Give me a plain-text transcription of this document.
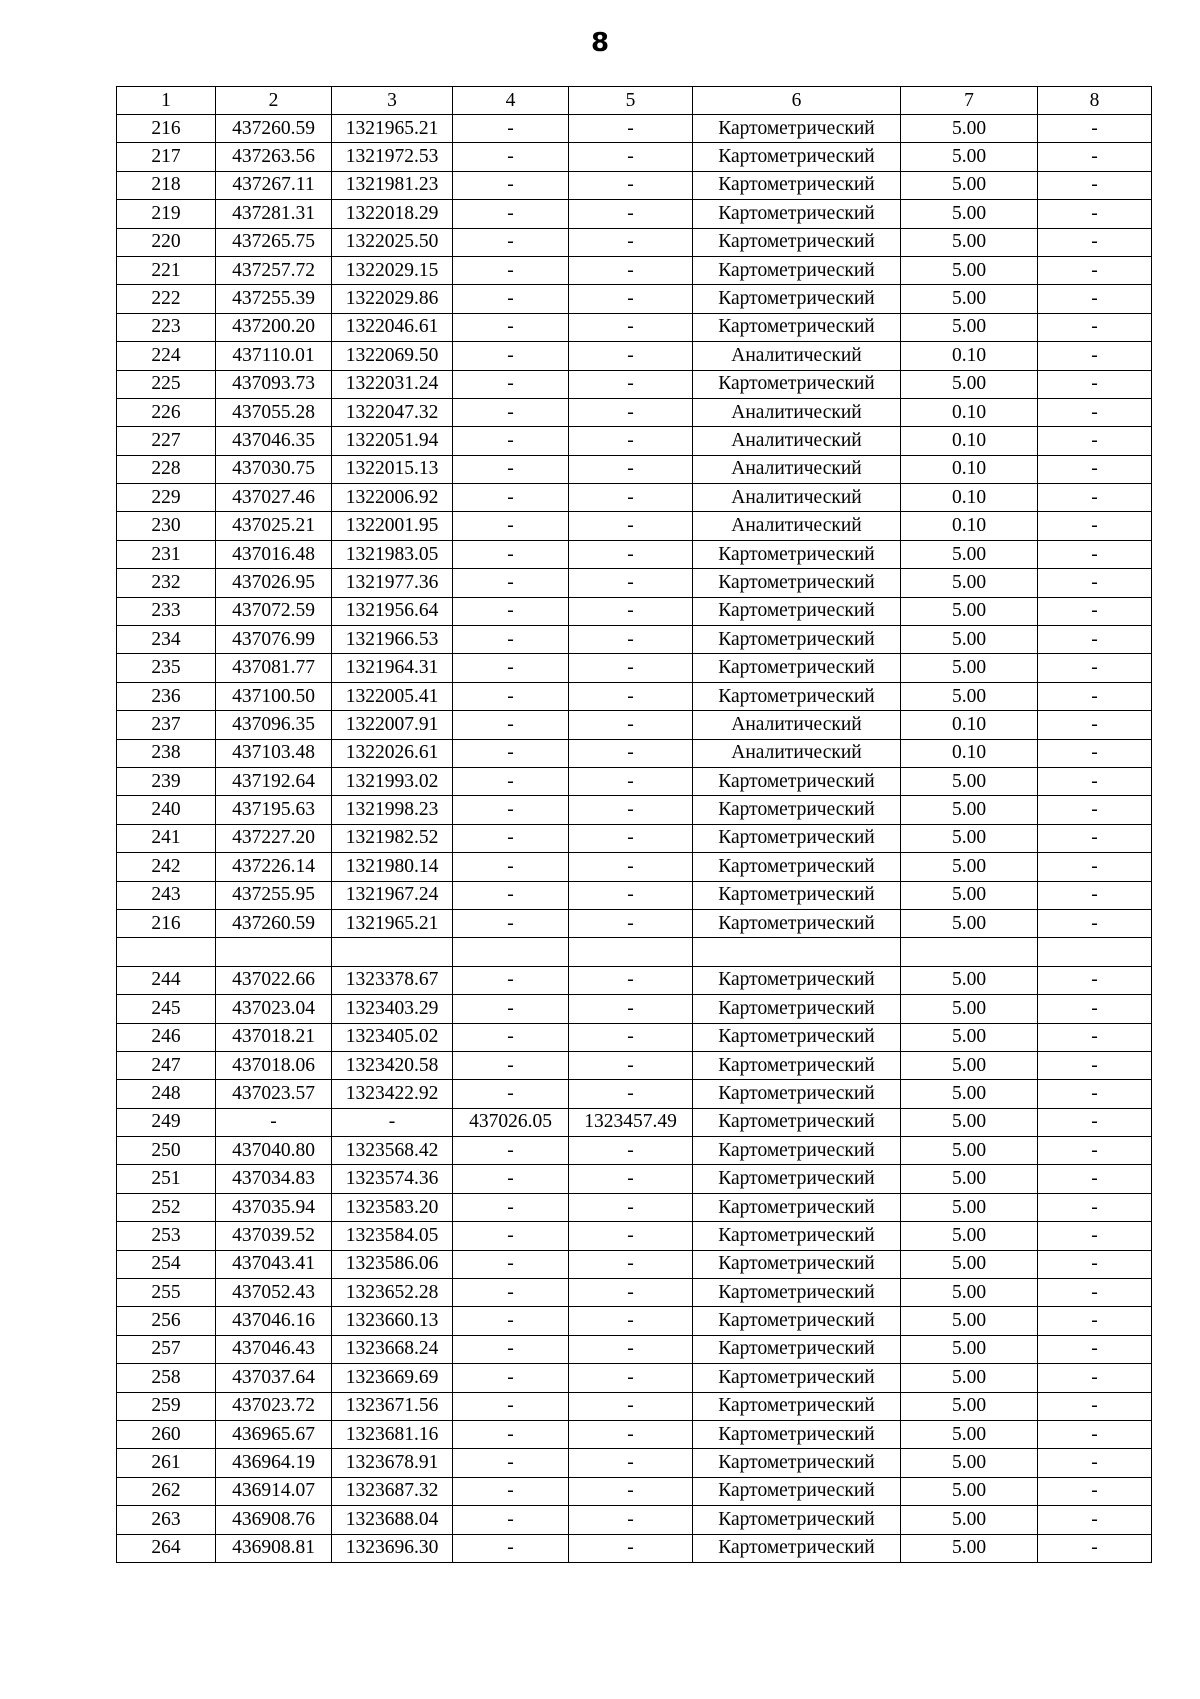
8
1	2	3	4	5	6	7	8
216	437260.59	1321965.21	-	-	Картометрический	5.00	-
217	437263.56	1321972.53	-	-	Картометрический	5.00	-
218	437267.11	1321981.23	-	-	Картометрический	5.00	-
219	437281.31	1322018.29	-	-	Картометрический	5.00	-
220	437265.75	1322025.50	-	-	Картометрический	5.00	-
221	437257.72	1322029.15	-	-	Картометрический	5.00	-
222	437255.39	1322029.86	-	-	Картометрический	5.00	-
223	437200.20	1322046.61	-	-	Картометрический	5.00	-
224	437110.01	1322069.50	-	-	Аналитический	0.10	-
225	437093.73	1322031.24	-	-	Картометрический	5.00	-
226	437055.28	1322047.32	-	-	Аналитический	0.10	-
227	437046.35	1322051.94	-	-	Аналитический	0.10	-
228	437030.75	1322015.13	-	-	Аналитический	0.10	-
229	437027.46	1322006.92	-	-	Аналитический	0.10	-
230	437025.21	1322001.95	-	-	Аналитический	0.10	-
231	437016.48	1321983.05	-	-	Картометрический	5.00	-
232	437026.95	1321977.36	-	-	Картометрический	5.00	-
233	437072.59	1321956.64	-	-	Картометрический	5.00	-
234	437076.99	1321966.53	-	-	Картометрический	5.00	-
235	437081.77	1321964.31	-	-	Картометрический	5.00	-
236	437100.50	1322005.41	-	-	Картометрический	5.00	-
237	437096.35	1322007.91	-	-	Аналитический	0.10	-
238	437103.48	1322026.61	-	-	Аналитический	0.10	-
239	437192.64	1321993.02	-	-	Картометрический	5.00	-
240	437195.63	1321998.23	-	-	Картометрический	5.00	-
241	437227.20	1321982.52	-	-	Картометрический	5.00	-
242	437226.14	1321980.14	-	-	Картометрический	5.00	-
243	437255.95	1321967.24	-	-	Картометрический	5.00	-
216	437260.59	1321965.21	-	-	Картометрический	5.00	-

244	437022.66	1323378.67	-	-	Картометрический	5.00	-
245	437023.04	1323403.29	-	-	Картометрический	5.00	-
246	437018.21	1323405.02	-	-	Картометрический	5.00	-
247	437018.06	1323420.58	-	-	Картометрический	5.00	-
248	437023.57	1323422.92	-	-	Картометрический	5.00	-
249	-	-	437026.05	1323457.49	Картометрический	5.00	-
250	437040.80	1323568.42	-	-	Картометрический	5.00	-
251	437034.83	1323574.36	-	-	Картометрический	5.00	-
252	437035.94	1323583.20	-	-	Картометрический	5.00	-
253	437039.52	1323584.05	-	-	Картометрический	5.00	-
254	437043.41	1323586.06	-	-	Картометрический	5.00	-
255	437052.43	1323652.28	-	-	Картометрический	5.00	-
256	437046.16	1323660.13	-	-	Картометрический	5.00	-
257	437046.43	1323668.24	-	-	Картометрический	5.00	-
258	437037.64	1323669.69	-	-	Картометрический	5.00	-
259	437023.72	1323671.56	-	-	Картометрический	5.00	-
260	436965.67	1323681.16	-	-	Картометрический	5.00	-
261	436964.19	1323678.91	-	-	Картометрический	5.00	-
262	436914.07	1323687.32	-	-	Картометрический	5.00	-
263	436908.76	1323688.04	-	-	Картометрический	5.00	-
264	436908.81	1323696.30	-	-	Картометрический	5.00	-
